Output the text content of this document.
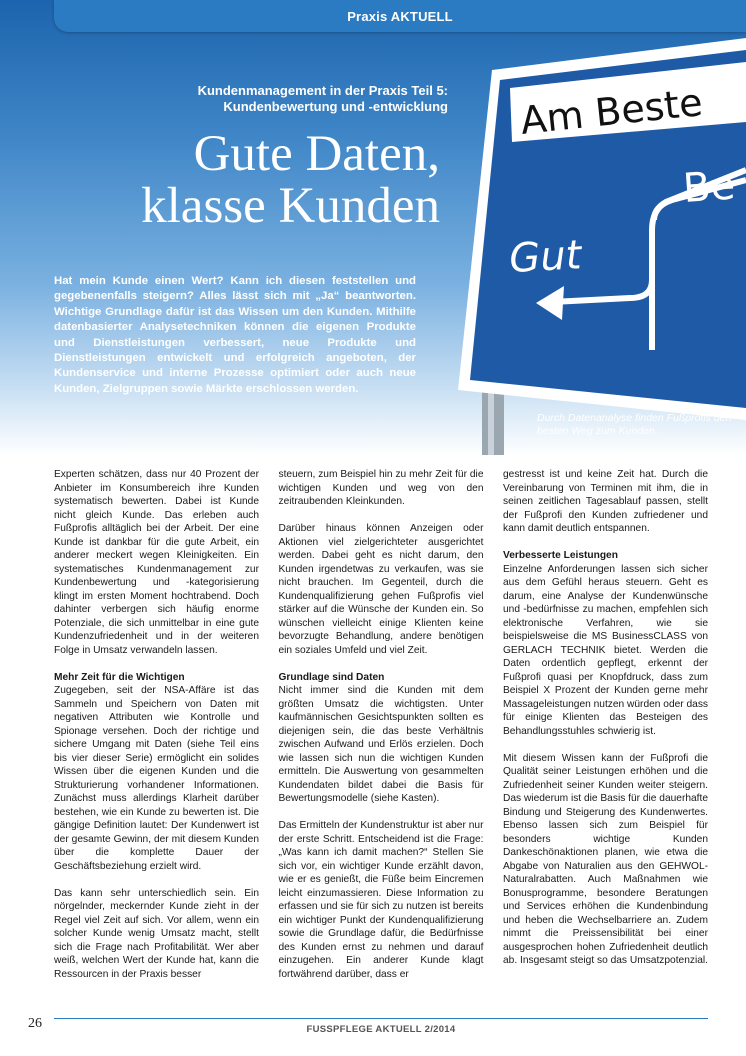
Praxis AKTUELL
Am Beste
Be
Gut
Kundenmanagement in der Praxis Teil 5:
Kundenbewertung und -entwicklung
Gute Daten,
klasse Kunden
Hat mein Kunde einen Wert? Kann ich diesen feststellen und gegebenenfalls steigern? Alles lässt sich mit „Ja“ beantworten. Wichtige Grundlage dafür ist das Wissen um den Kunden. Mithilfe datenbasierter Analysetechniken können die eigenen Produkte und Dienstleistungen verbessert, neue Produkte und Dienstleistungen entwickelt und erfolgreich angeboten, der Kundenservice und interne Prozesse optimiert oder auch neue Kunden, Zielgruppen sowie Märkte erschlossen werden.
Durch Datenanalyse finden Fußprofis den besten Weg zum Kunden.

Experten schätzen, dass nur 40 Prozent der Anbieter im Konsumbereich ihre Kunden systematisch bewerten. Dabei ist Kunde nicht gleich Kunde. Das erleben auch Fußprofis alltäglich bei der Arbeit. Der eine Kunde ist dankbar für die gute Arbeit, ein anderer meckert wegen Kleinigkeiten. Ein systematisches Kundenmanagement zur Kundenbewertung und -kategorisierung klingt im ersten Moment hochtrabend. Doch dahinter verbergen sich häufig enorme Potenziale, die sich unmittelbar in eine gute Kundenzufriedenheit und in der weiteren Folge in Umsatz verwandeln lassen.

Mehr Zeit für die Wichtigen

Zugegeben, seit der NSA-Affäre ist das Sammeln und Speichern von Daten mit negativen Attributen wie Kontrolle und Spionage versehen. Doch der richtige und sichere Umgang mit Daten (siehe Teil eins bis vier dieser Serie) ermöglicht ein solides Wissen über die eigenen Kunden und die Strukturierung vorhandener Informationen. Zunächst muss allerdings Klarheit darüber bestehen, wie ein Kunde zu bewerten ist. Die gängige Definition lautet: Der Kundenwert ist der gesamte Gewinn, der mit diesem Kunden über die komplette Dauer der Geschäftsbeziehung erzielt wird.

Das kann sehr unterschiedlich sein. Ein nörgelnder, meckernder Kunde zieht in der Regel viel Zeit auf sich. Vor allem, wenn ein solcher Kunde wenig Umsatz macht, stellt sich die Frage nach Profitabilität. Wer aber weiß, welchen Wert der Kunde hat, kann die Ressourcen in der Praxis besser

steuern, zum Beispiel hin zu mehr Zeit für die wichtigen Kunden und weg von den zeitraubenden Kleinkunden.

Darüber hinaus können Anzeigen oder Aktionen viel zielgerichteter ausgerichtet werden. Dabei geht es nicht darum, den Kunden irgendetwas zu verkaufen, was sie nicht brauchen. Im Gegenteil, durch die Kundenqualifizierung gehen Fußprofis viel stärker auf die Wünsche der Kunden ein. So wünschen vielleicht einige Klienten keine bevorzugte Behandlung, andere benötigen ein soziales Umfeld und viel Zeit.

Grundlage sind Daten

Nicht immer sind die Kunden mit dem größten Umsatz die wichtigsten. Unter kaufmännischen Gesichtspunkten sollten es diejenigen sein, die das beste Verhältnis zwischen Aufwand und Erlös erzielen. Doch wie lassen sich nun die wichtigen Kunden ermitteln. Die Auswertung von gesammelten Kundendaten bildet dabei die Basis für Bewertungsmodelle (siehe Kasten).

Das Ermitteln der Kundenstruktur ist aber nur der erste Schritt. Entscheidend ist die Frage: „Was kann ich damit machen?“ Stellen Sie sich vor, ein wichtiger Kunde erzählt davon, wie er es genießt, die Füße beim Eincremen leicht einzumassieren. Diese Information zu erfassen und sie für sich zu nutzen ist bereits ein wichtiger Punkt der Kundenqualifizierung sowie die Grundlage dafür, die Bedürfnisse des Kunden ernst zu nehmen und darauf einzugehen. Ein anderer Kunde klagt fortwährend darüber, dass er

gestresst ist und keine Zeit hat. Durch die Vereinbarung von Terminen mit ihm, die in seinen zeitlichen Tagesablauf passen, stellt der Fußprofi den Kunden zufriedener und kann damit deutlich entspannen.

Verbesserte Leistungen

Einzelne Anforderungen lassen sich sicher aus dem Gefühl heraus steuern. Geht es darum, eine Analyse der Kundenwünsche und -bedürfnisse zu machen, empfehlen sich elektronische Verfahren, wie sie beispielsweise die MS BusinessCLASS von GERLACH TECHNIK bietet. Werden die Daten ordentlich gepflegt, erkennt der Fußprofi quasi per Knopfdruck, dass zum Beispiel X Prozent der Kunden gerne mehr Massageleistungen nutzen würden oder dass für einige Klienten das Besteigen des Behandlungsstuhles schwierig ist.

Mit diesem Wissen kann der Fußprofi die Qualität seiner Leistungen erhöhen und die Zufriedenheit seiner Kunden weiter steigern. Das wiederum ist die Basis für die dauerhafte Bindung und Steigerung des Kundenwertes. Ebenso lassen sich zum Beispiel für besonders wichtige Kunden Dankeschönaktionen planen, wie etwa die Abgabe von Naturalien aus den GEHWOL-Naturalrabatten. Auch Maßnahmen wie Bonusprogramme, besondere Beratungen und Services erhöhen die Kundenbindung und heben die Wechselbarriere an. Zudem nimmt die Preissensibilität bei einer ausgesprochen hohen Zufriedenheit deutlich ab. Insgesamt steigt so das Umsatzpotenzial.

26	FUSSPFLEGE AKTUELL 2/2014
